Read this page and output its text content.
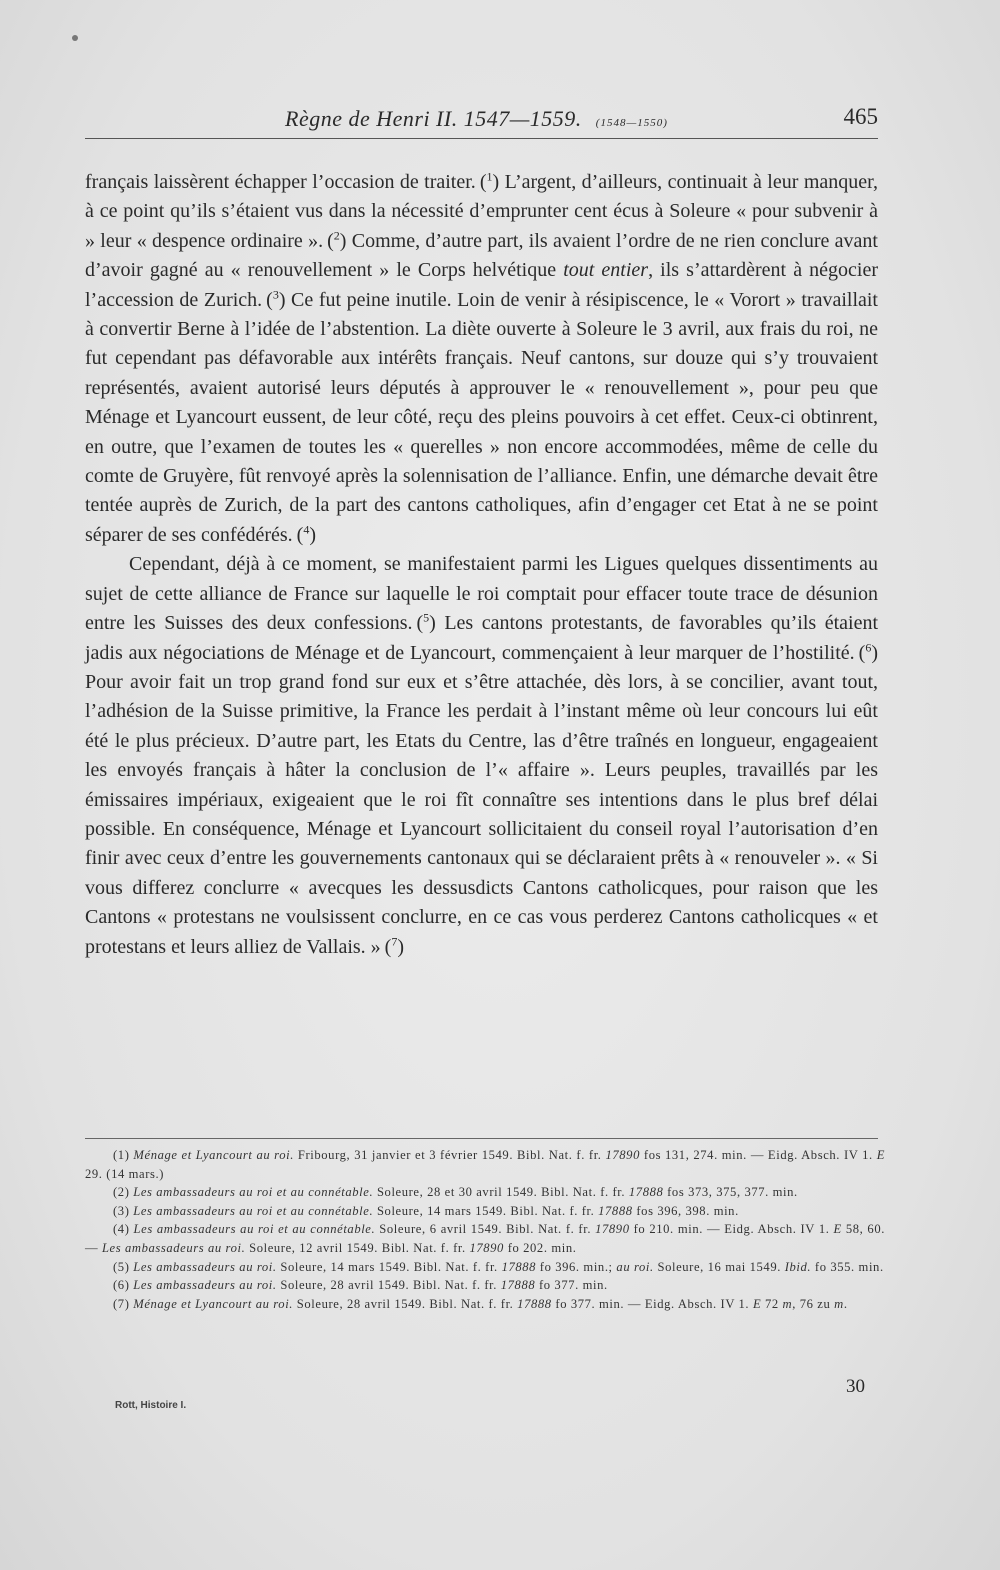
Règne de Henri II. 1547—1559. (1548—1550)	465

français laissèrent échapper l’occasion de traiter. ($^1$) L’argent, d’ailleurs, continuait à leur manquer, à ce point qu’ils s’étaient vus dans la nécessité d’emprunter cent écus à Soleure « pour subvenir à » leur « despence ordinaire ». ($^2$) Comme, d’autre part, ils avaient l’ordre de ne rien conclure avant d’avoir gagné au « renouvellement » le Corps helvétique tout entier, ils s’attardèrent à négocier l’accession de Zurich. ($^3$) Ce fut peine inutile. Loin de venir à résipiscence, le « Vorort » travaillait à convertir Berne à l’idée de l’abstention. La diète ouverte à Soleure le 3 avril, aux frais du roi, ne fut cependant pas défavorable aux intérêts français. Neuf cantons, sur douze qui s’y trouvaient représentés, avaient autorisé leurs députés à approuver le « renouvellement », pour peu que Ménage et Lyancourt eussent, de leur côté, reçu des pleins pouvoirs à cet effet. Ceux-ci obtinrent, en outre, que l’examen de toutes les « querelles » non encore accommodées, même de celle du comte de Gruyère, fût renvoyé après la solennisation de l’alliance. Enfin, une démarche devait être tentée auprès de Zurich, de la part des cantons catholiques, afin d’engager cet Etat à ne se point séparer de ses confédérés. ($^4$)

Cependant, déjà à ce moment, se manifestaient parmi les Ligues quelques dissentiments au sujet de cette alliance de France sur laquelle le roi comptait pour effacer toute trace de désunion entre les Suisses des deux confessions. ($^5$) Les cantons protestants, de favorables qu’ils étaient jadis aux négociations de Ménage et de Lyancourt, commençaient à leur marquer de l’hostilité. ($^6$) Pour avoir fait un trop grand fond sur eux et s’être attachée, dès lors, à se concilier, avant tout, l’adhésion de la Suisse primitive, la France les perdait à l’instant même où leur concours lui eût été le plus précieux. D’autre part, les Etats du Centre, las d’être traînés en longueur, engageaient les envoyés français à hâter la conclusion de l’« affaire ». Leurs peuples, travaillés par les émissaires impériaux, exigeaient que le roi fît connaître ses intentions dans le plus bref délai possible. En conséquence, Ménage et Lyancourt sollicitaient du conseil royal l’autorisation d’en finir avec ceux d’entre les gouvernements cantonaux qui se déclaraient prêts à « renouveler ». « Si vous differez conclurre « avecques les dessusdicts Cantons catholicques, pour raison que les Cantons « protestans ne voulsissent conclurre, en ce cas vous perderez Cantons catholicques « et protestans et leurs alliez de Vallais. » ($^7$)

(1) Ménage et Lyancourt au roi. Fribourg, 31 janvier et 3 février 1549. Bibl. Nat. f. fr. 17890 fos 131, 274. min. — Eidg. Absch. IV 1. E 29. (14 mars.)

(2) Les ambassadeurs au roi et au connétable. Soleure, 28 et 30 avril 1549. Bibl. Nat. f. fr. 17888 fos 373, 375, 377. min.

(3) Les ambassadeurs au roi et au connétable. Soleure, 14 mars 1549. Bibl. Nat. f. fr. 17888 fos 396, 398. min.

(4) Les ambassadeurs au roi et au connétable. Soleure, 6 avril 1549. Bibl. Nat. f. fr. 17890 fo 210. min. — Eidg. Absch. IV 1. E 58, 60. — Les ambassadeurs au roi. Soleure, 12 avril 1549. Bibl. Nat. f. fr. 17890 fo 202. min.

(5) Les ambassadeurs au roi. Soleure, 14 mars 1549. Bibl. Nat. f. fr. 17888 fo 396. min.; au roi. Soleure, 16 mai 1549. Ibid. fo 355. min.

(6) Les ambassadeurs au roi. Soleure, 28 avril 1549. Bibl. Nat. f. fr. 17888 fo 377. min.

(7) Ménage et Lyancourt au roi. Soleure, 28 avril 1549. Bibl. Nat. f. fr. 17888 fo 377. min. — Eidg. Absch. IV 1. E 72 m, 76 zu m.

30
Rott, Histoire I.
